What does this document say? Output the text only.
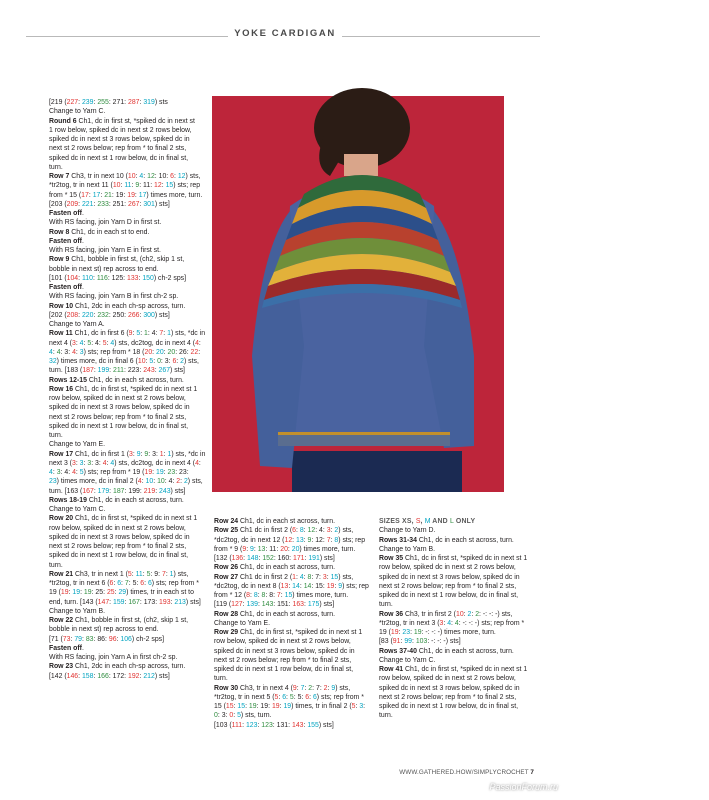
YOKE CARDIGAN

[219 (227: 239: 255: 271: 287: 319) sts

Change to Yarn C.

Round 6 Ch1, dc in first st, *spiked dc in next st

1 row below, spiked dc in next st 2 rows below,

spiked dc in next st 3 rows below, spiked dc in

next st 2 rows below; rep from * to final 2 sts,

spiked dc in next st 1 row below, dc in final st,

turn.

Row 7 Ch3, tr in next 10 (10: 4: 12: 10: 6: 12) sts,

*tr2tog, tr in next 11 (10: 11: 9: 11: 12: 15) sts; rep

from * 15 (17: 17: 21: 19: 19: 17) times more, turn.

[203 (209: 221: 233: 251: 267: 301) sts]

Fasten off.

With RS facing, join Yarn D in first st.

Row 8 Ch1, dc in each st to end.

Fasten off.

With RS facing, join Yarn E in first st.

Row 9 Ch1, bobble in first st, (ch2, skip 1 st,

bobble in next st) rep across to end.

[101 (104: 110: 116: 125: 133: 150) ch-2 sps]

Fasten off.

With RS facing, join Yarn B in first ch-2 sp.

Row 10 Ch1, 2dc in each ch-sp across, turn.

[202 (208: 220: 232: 250: 266: 300) sts]

Change to Yarn A.

Row 11 Ch1, dc in first 6 (9: 5: 1: 4: 7: 1) sts, *dc in

next 4 (3: 4: 5: 4: 5: 4) sts, dc2tog, dc in next 4 (4:

4: 4: 3: 4: 3) sts; rep from * 18 (20: 20: 20: 26: 22:

32) times more, dc in final 6 (10: 5: 0: 3: 6: 2) sts,

turn. [183 (187: 199: 211: 223: 243: 267) sts]

Rows 12-15 Ch1, dc in each st across, turn.

Row 16 Ch1, dc in first st, *spiked dc in next st 1

row below, spiked dc in next st 2 rows below,

spiked dc in next st 3 rows below, spiked dc in

next st 2 rows below; rep from * to final 2 sts,

spiked dc in next st 1 row below, dc in final st,

turn.

Change to Yarn E.

Row 17 Ch1, dc in first 1 (3: 9: 9: 3: 1: 1) sts, *dc in

next 3 (3: 3: 3: 3: 4: 4) sts, dc2tog, dc in next 4 (4:

4: 3: 4: 4: 5) sts; rep from * 19 (19: 19: 23: 23:

23) times more, dc in final 2 (4: 10: 10: 4: 2: 2) sts,

turn. [163 (167: 179: 187: 199: 219: 243) sts]

Rows 18-19 Ch1, dc in each st across, turn.

Change to Yarn C.

Row 20 Ch1, dc in first st, *spiked dc in next st 1

row below, spiked dc in next st 2 rows below,

spiked dc in next st 3 rows below, spiked dc in

next st 2 rows below; rep from * to final 2 sts,

spiked dc in next st 1 row below, dc in final st,

turn.

Row 21 Ch3, tr in next 1 (5: 11: 5: 9: 7: 1) sts,

*tr2tog, tr in next 6 (6: 6: 7: 5: 6: 6) sts; rep from *

19 (19: 19: 19: 25: 25: 29) times, tr in each st to

end, turn. [143 (147: 159: 167: 173: 193: 213) sts]

Change to Yarn B.

Row 22 Ch1, bobble in first st, (ch2, skip 1 st,

bobble in next st) rep across to end.

[71 (73: 79: 83: 86: 96: 106) ch-2 sps]

Fasten off.

With RS facing, join Yarn A in first ch-2 sp.

Row 23 Ch1, 2dc in each ch-sp across, turn.

[142 (146: 158: 166: 172: 192: 212) sts]

Row 24 Ch1, dc in each st across, turn.

Row 25 Ch1 dc in first 2 (6: 8: 12: 4: 3: 2) sts,

*dc2tog, dc in next 12 (12: 13: 9: 12: 7: 8) sts; rep

from * 9 (9: 9: 13: 11: 20: 20) times more, turn.

[132 (136: 148: 152: 160: 171: 191) sts]

Row 26 Ch1, dc in each st across, turn.

Row 27 Ch1 dc in first 2 (1: 4: 8: 7: 3: 15) sts,

*dc2tog, dc in next 8 (13: 14: 14: 15: 19: 9) sts; rep

from * 12 (8: 8: 8: 8: 7: 15) times more, turn.

[119 (127: 139: 143: 151: 163: 175) sts]

Row 28 Ch1, dc in each st across, turn.

Change to Yarn E.

Row 29 Ch1, dc in first st, *spiked dc in next st 1

row below, spiked dc in next st 2 rows below,

spiked dc in next st 3 rows below, spiked dc in

next st 2 rows below; rep from * to final 2 sts,

spiked dc in next st 1 row below, dc in final st,

turn.

Row 30 Ch3, tr in next 4 (9: 7: 2: 7: 2: 9) sts,

*tr2tog, tr in next 5 (5: 6: 5: 5: 6: 6) sts; rep from *

15 (15: 15: 19: 19: 19: 19) times, tr in final 2 (5: 3:

0: 3: 0: 5) sts, turn.

[103 (111: 123: 123: 131: 143: 155) sts]

SIZES XS, S, M AND L ONLY

Change to Yarn D.

Rows 31-34 Ch1, dc in each st across, turn.

Change to Yarn B.

Row 35 Ch1, dc in first st, *spiked dc in next st 1

row below, spiked dc in next st 2 rows below,

spiked dc in next st 3 rows below, spiked dc in

next st 2 rows below; rep from * to final 2 sts,

spiked dc in next st 1 row below, dc in final st,

turn.

Row 36 Ch3, tr in first 2 (10: 2: 2: -: -: -) sts,

*tr2tog, tr in next 3 (3: 4: 4: -: -: -) sts; rep from *

19 (19: 23: 19: -: -: -) times more, turn.

[83 (91: 99: 103: -: -: -) sts]

Rows 37-40 Ch1, dc in each st across, turn.

Change to Yarn C.

Row 41 Ch1, dc in first st, *spiked dc in next st 1

row below, spiked dc in next st 2 rows below,

spiked dc in next st 3 rows below, spiked dc in

next st 2 rows below; rep from * to final 2 sts,

spiked dc in next st 1 row below, dc in final st,

turn.

The patterned yoke is worked
on top of the body and sleeves
WWW.GATHERED.HOW/SIMPLYCROCHET 7
PassionForum.ru
